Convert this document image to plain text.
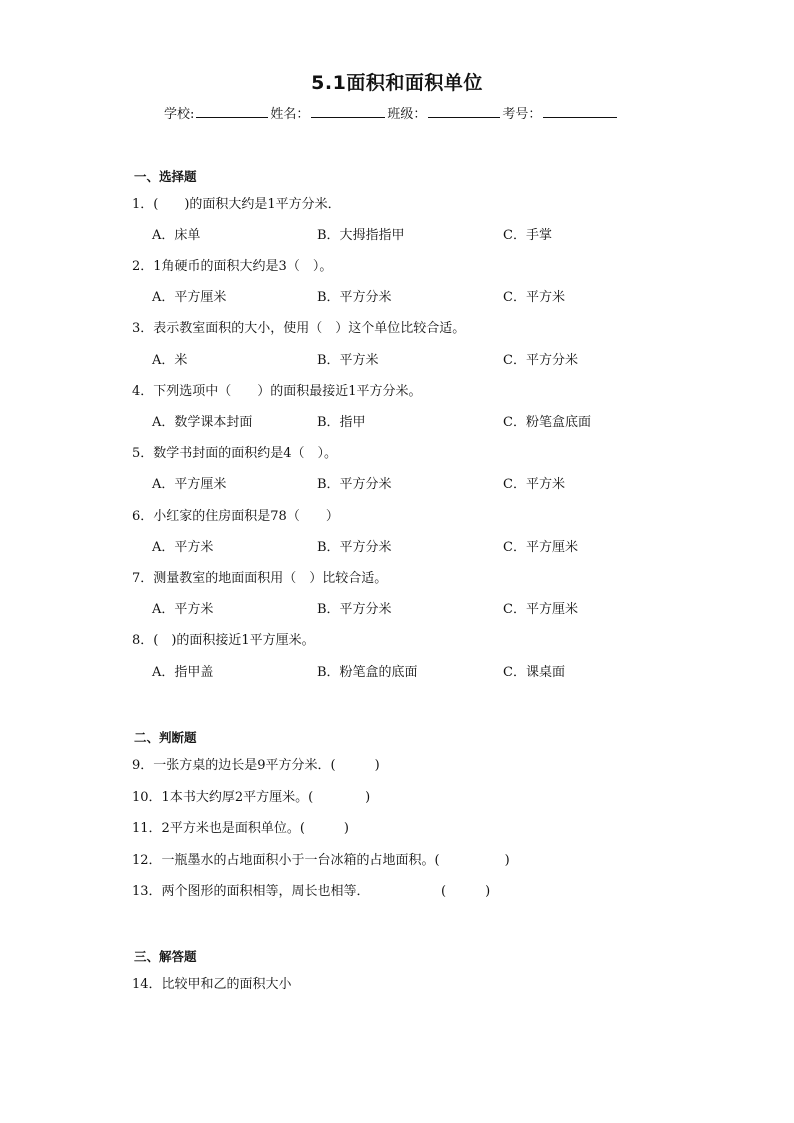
5.1面积和面积单位
学校:	姓名：	班级：	考号：
一、选择题
1．(　　)的面积大约是1平方分米．
A．床单	B．大拇指指甲	C．手掌
2．1角硬币的面积大约是3（　）。
A．平方厘米	B．平方分米	C．平方米
3．表示教室面积的大小，使用（　）这个单位比较合适。
A．米	B．平方米	C．平方分米
4．下列选项中（　　）的面积最接近1平方分米。
A．数学课本封面	B．指甲	C．粉笔盒底面
5．数学书封面的面积约是4（　）。
A．平方厘米	B．平方分米	C．平方米
6．小红家的住房面积是78（　　）
A．平方米	B．平方分米	C．平方厘米
7．测量教室的地面面积用（　）比较合适。
A．平方米	B．平方分米	C．平方厘米
8．(　)的面积接近1平方厘米。
A．指甲盖	B．粉笔盒的底面	C．课桌面
二、判断题
9．一张方桌的边长是9平方分米．(　　　)
10．1本书大约厚2平方厘米。(　　　　)
11．2平方米也是面积单位。(　　　)
12．一瓶墨水的占地面积小于一台冰箱的占地面积。(　　　　　)
13．两个图形的面积相等，周长也相等．　　　　　　(　　　)
三、解答题
14．比较甲和乙的面积大小
